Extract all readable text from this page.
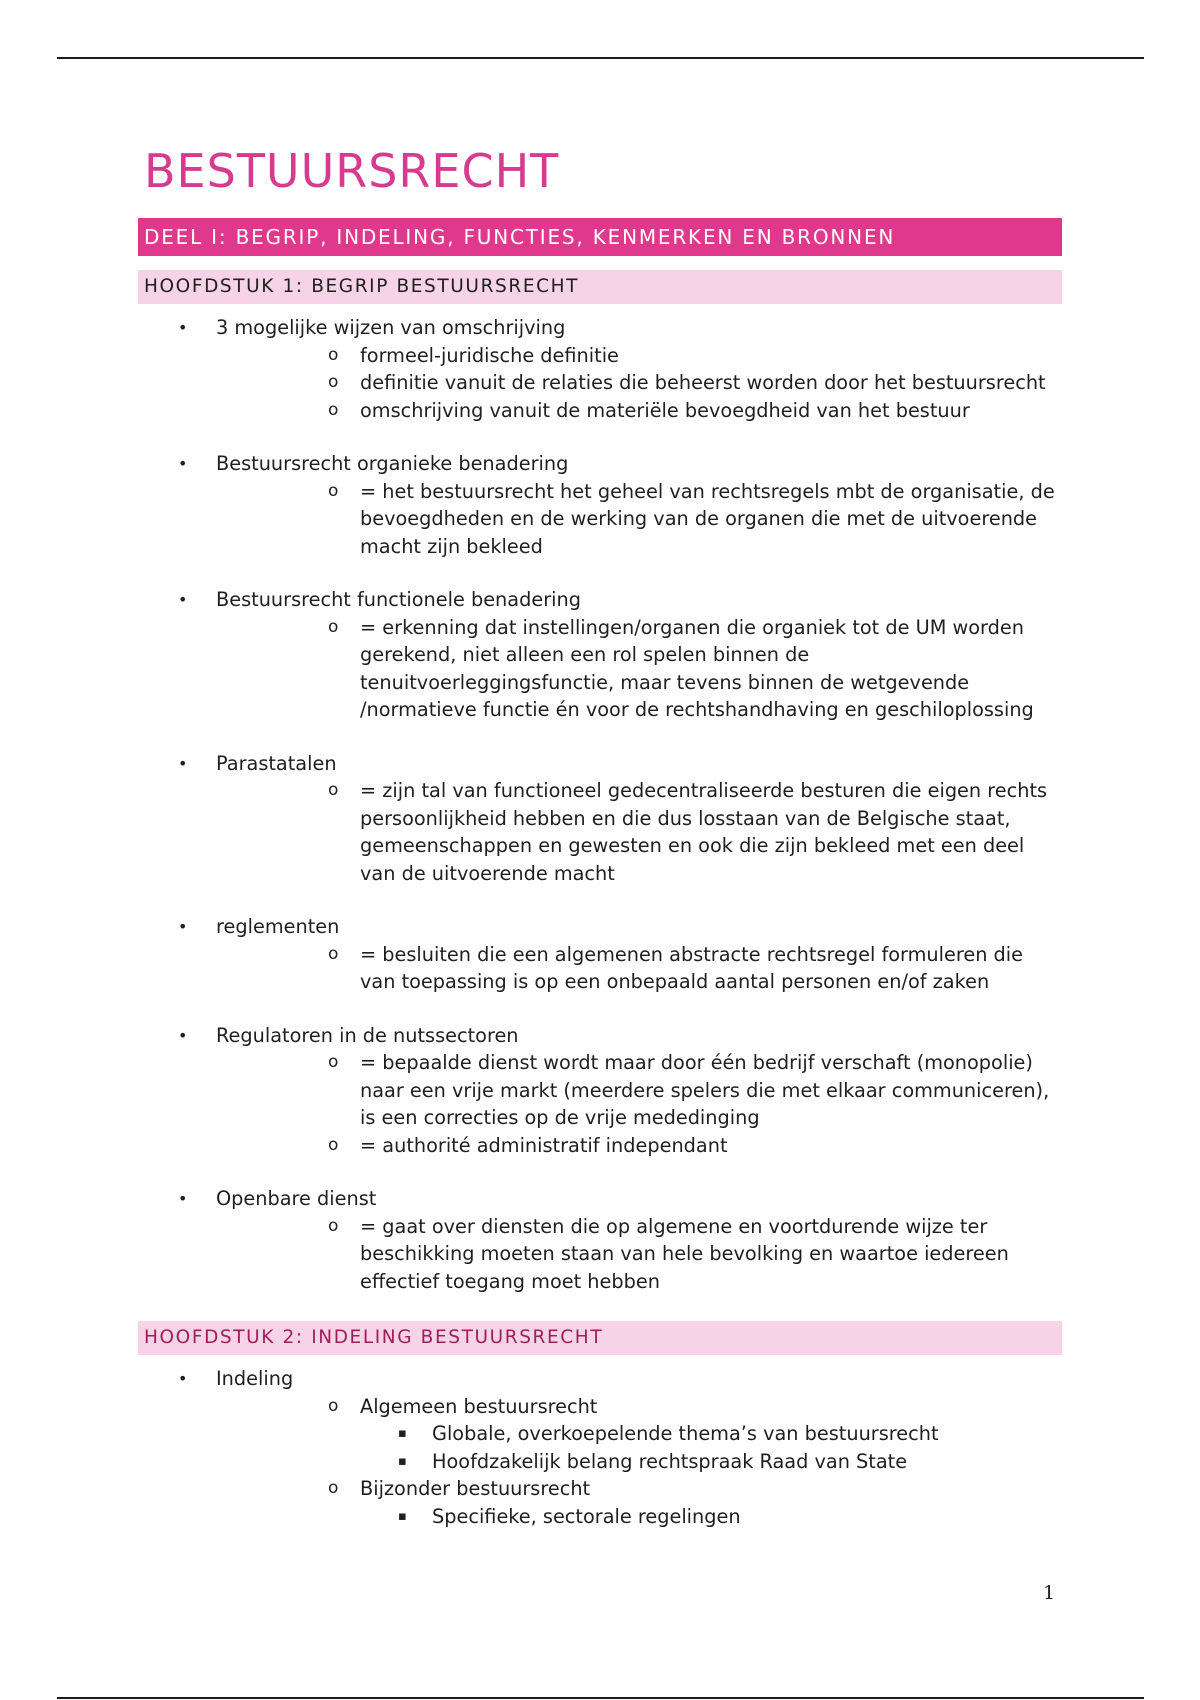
BESTUURSRECHT
DEEL I: BEGRIP, INDELING, FUNCTIES, KENMERKEN EN BRONNEN
HOOFDSTUK 1: BEGRIP BESTUURSRECHT
• 3 mogelijke wijzen van omschrijving
o formeel-juridische definitie
o definitie vanuit de relaties die beheerst worden door het bestuursrecht
o omschrijving vanuit de materiële bevoegdheid van het bestuur
• Bestuursrecht organieke benadering
o = het bestuursrecht het geheel van rechtsregels mbt de organisatie, de bevoegdheden en de werking van de organen die met de uitvoerende macht zijn bekleed
• Bestuursrecht functionele benadering
o = erkenning dat instellingen/organen die organiek tot de UM worden gerekend, niet alleen een rol spelen binnen de tenuitvoerleggingsfunctie, maar tevens binnen de wetgevende /normatieve functie én voor de rechtshandhaving en geschiloplossing
• Parastatalen
o = zijn tal van functioneel gedecentraliseerde besturen die eigen rechts persoonlijkheid hebben en die dus losstaan van de Belgische staat, gemeenschappen en gewesten en ook die zijn bekleed met een deel van de uitvoerende macht
• reglementen
o = besluiten die een algemenen abstracte rechtsregel formuleren die van toepassing is op een onbepaald aantal personen en/of zaken
• Regulatoren in de nutssectoren
o = bepaalde dienst wordt maar door één bedrijf verschaft (monopolie) naar een vrije markt (meerdere spelers die met elkaar communiceren), is een correcties op de vrije mededinging
o = authorité administratif independant
• Openbare dienst
o = gaat over diensten die op algemene en voortdurende wijze ter beschikking moeten staan van hele bevolking en waartoe iedereen effectief toegang moet hebben
HOOFDSTUK 2: INDELING BESTUURSRECHT
• Indeling
o Algemeen bestuursrecht
▪ Globale, overkoepelende thema’s van bestuursrecht
▪ Hoofdzakelijk belang rechtspraak Raad van State
o Bijzonder bestuursrecht
▪ Specifieke, sectorale regelingen
1
